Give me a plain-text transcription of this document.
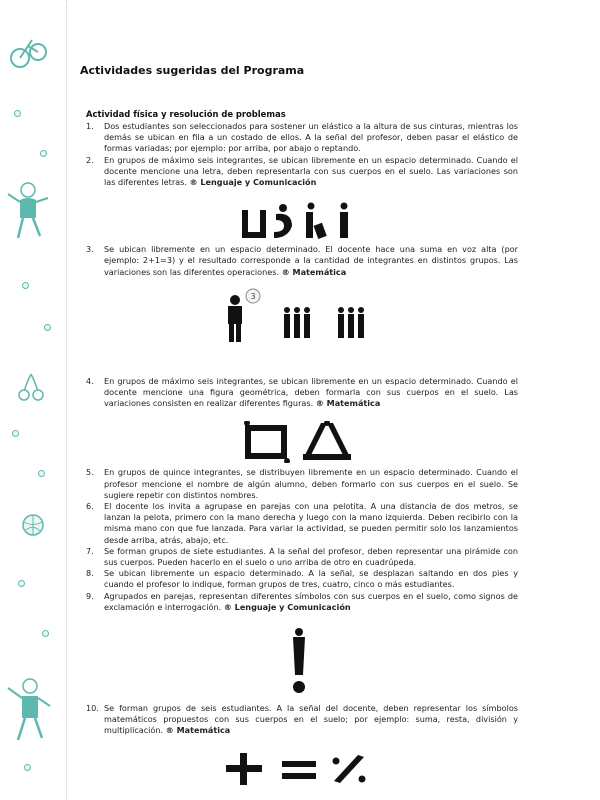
Actividades sugeridas del Programa
Actividad física y resolución de problemas
1. Dos estudiantes son seleccionados para sostener un elástico a la altura de sus cinturas, mientras los demás se ubican en fila a un costado de ellos. A la señal del profesor, deben pasar el elástico de formas variadas; por ejemplo: por arriba, por abajo o reptando.
2. En grupos de máximo seis integrantes, se ubican libremente en un espacio determinado. Cuando el docente mencione una letra, deben representarla con sus cuerpos en el suelo. Las variaciones son las diferentes letras. ® Lenguaje y Comunicación
3. Se ubican libremente en un espacio determinado. El docente hace una suma en voz alta (por ejemplo: 2+1=3) y el resultado corresponde a la cantidad de integrantes en distintos grupos. Las variaciones son las diferentes operaciones. ® Matemática
3
4. En grupos de máximo seis integrantes, se ubican libremente en un espacio determinado. Cuando el docente mencione una figura geométrica, deben formarla con sus cuerpos en el suelo. Las variaciones consisten en realizar diferentes figuras. ® Matemática
5. En grupos de quince integrantes, se distribuyen libremente en un espacio determinado. Cuando el profesor mencione el nombre de algún alumno, deben formarlo con sus cuerpos en el suelo. Se sugiere repetir con distintos nombres.
6. El docente los invita a agrupase en parejas con una pelotita. A una distancia de dos metros, se lanzan la pelota, primero con la mano derecha y luego con la mano izquierda. Deben recibirlo con la misma mano con que fue lanzada. Para variar la actividad, se pueden permitir solo los lanzamientos desde arriba, atrás, abajo, etc.
7. Se forman grupos de siete estudiantes. A la señal del profesor, deben representar una pirámide con sus cuerpos. Pueden hacerlo en el suelo o uno arriba de otro en cuadrúpeda.
8. Se ubican libremente un espacio determinado. A la señal, se desplazan saltando en dos pies y cuando el profesor lo indique, forman grupos de tres, cuatro, cinco o más estudiantes.
9. Agrupados en parejas, representan diferentes símbolos con sus cuerpos en el suelo, como signos de exclamación e interrogación. ® Lenguaje y Comunicación
10. Se forman grupos de seis estudiantes. A la señal del docente, deben representar los símbolos matemáticos propuestos con sus cuerpos en el suelo; por ejemplo: suma, resta, división y multiplicación. ® Matemática
